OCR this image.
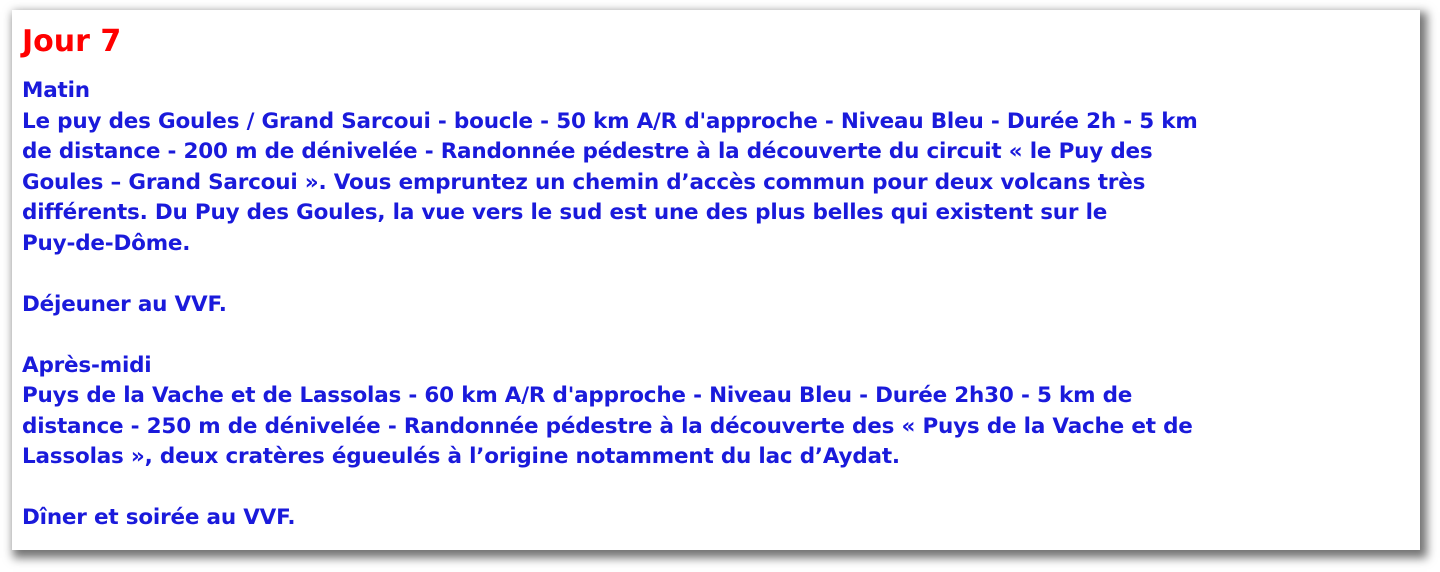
Jour 7
Matin
Le puy des Goules / Grand Sarcoui - boucle - 50 km A/R d'approche - Niveau Bleu - Durée 2h - 5 km
de distance - 200 m de dénivelée - Randonnée pédestre à la découverte du circuit « le Puy des
Goules – Grand Sarcoui ». Vous empruntez un chemin d’accès commun pour deux volcans très
différents. Du Puy des Goules, la vue vers le sud est une des plus belles qui existent sur le
Puy-de-Dôme.
Déjeuner au VVF.
Après-midi
Puys de la Vache et de Lassolas - 60 km A/R d'approche - Niveau Bleu - Durée 2h30 - 5 km de
distance - 250 m de dénivelée - Randonnée pédestre à la découverte des « Puys de la Vache et de
Lassolas », deux cratères égueulés à l’origine notamment du lac d’Aydat.
Dîner et soirée au VVF.
